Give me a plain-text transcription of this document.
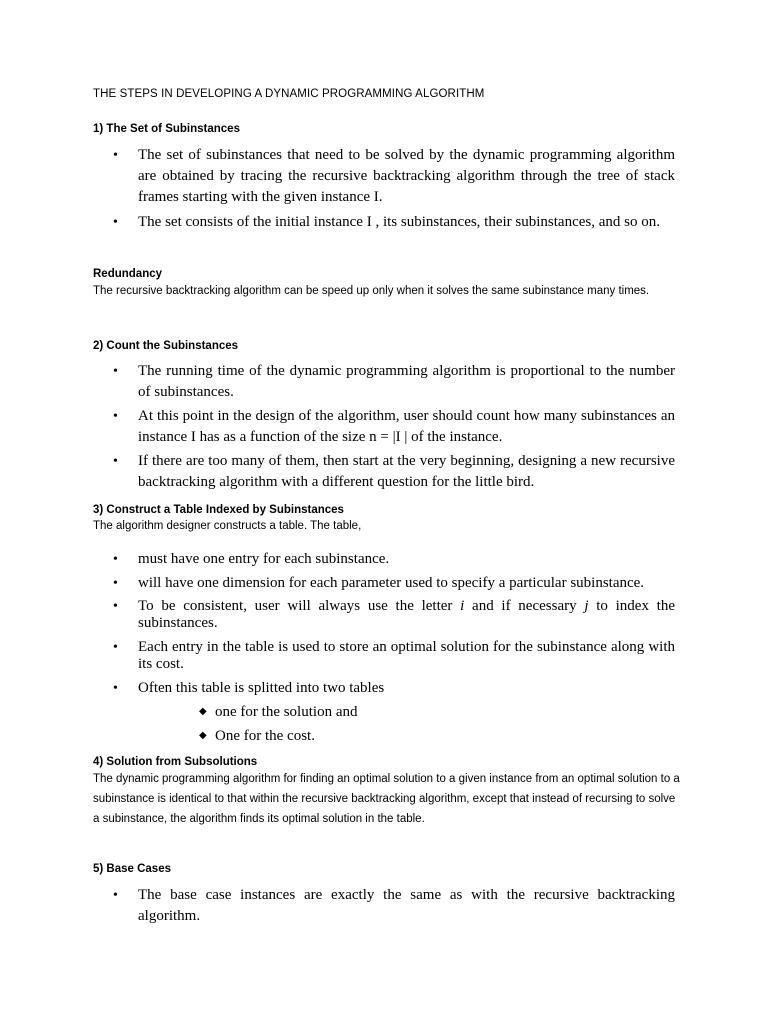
THE STEPS IN DEVELOPING A DYNAMIC PROGRAMMING ALGORITHM
1) The Set of Subinstances
• The set of subinstances that need to be solved by the dynamic programming algorithm are obtained by tracing the recursive backtracking algorithm through the tree of stack frames starting with the given instance I.
• The set consists of the initial instance I , its subinstances, their subinstances, and so on.
Redundancy
The recursive backtracking algorithm can be speed up only when it solves the same subinstance many times.
2) Count the Subinstances
• The running time of the dynamic programming algorithm is proportional to the number of subinstances.
• At this point in the design of the algorithm, user should count how many subinstances an instance I has as a function of the size n = |I | of the instance.
• If there are too many of them, then start at the very beginning, designing a new recursive backtracking algorithm with a different question for the little bird.
3) Construct a Table Indexed by Subinstances
The algorithm designer constructs a table. The table,
• must have one entry for each subinstance.
• will have one dimension for each parameter used to specify a particular subinstance.
• To be consistent, user will always use the letter i and if necessary j to index the subinstances.
• Each entry in the table is used to store an optimal solution for the subinstance along with its cost.
• Often this table is splitted into two tables
◆ one for the solution and
◆ One for the cost.
4) Solution from Subsolutions
The dynamic programming algorithm for finding an optimal solution to a given instance from an optimal solution to a subinstance is identical to that within the recursive backtracking algorithm, except that instead of recursing to solve a subinstance, the algorithm finds its optimal solution in the table.
5) Base Cases
• The base case instances are exactly the same as with the recursive backtracking algorithm.
